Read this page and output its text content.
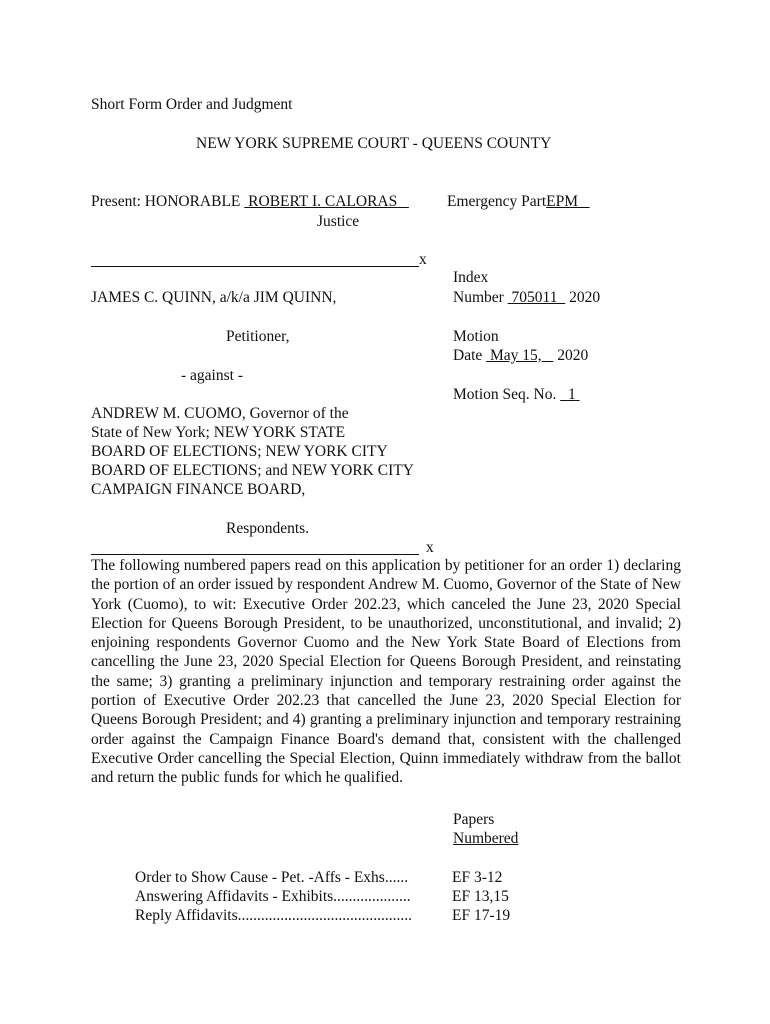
Short Form Order and Judgment
NEW YORK SUPREME COURT - QUEENS COUNTY
Present: HONORABLE ROBERT I. CALORAS
Justice
Emergency PartEPM
x
JAMES C. QUINN, a/k/a JIM QUINN,
Petitioner,
- against -
ANDREW M. CUOMO, Governor of the
State of New York; NEW YORK STATE
BOARD OF ELECTIONS; NEW YORK CITY
BOARD OF ELECTIONS; and NEW YORK CITY
CAMPAIGN FINANCE BOARD,
Respondents.
x
Index
Number 705011 2020
Motion
Date May 15, 2020
Motion Seq. No. 1
The following numbered papers read on this application by petitioner for an order 1) declaring the portion of an order issued by respondent Andrew M. Cuomo, Governor of the State of New York (Cuomo), to wit: Executive Order 202.23, which canceled the June 23, 2020 Special Election for Queens Borough President, to be unauthorized, unconstitutional, and invalid; 2) enjoining respondents Governor Cuomo and the New York State Board of Elections from cancelling the June 23, 2020 Special Election for Queens Borough President, and reinstating the same; 3) granting a preliminary injunction and temporary restraining order against the portion of Executive Order 202.23 that cancelled the June 23, 2020 Special Election for Queens Borough President; and 4) granting a preliminary injunction and temporary restraining order against the Campaign Finance Board's demand that, consistent with the challenged Executive Order cancelling the Special Election, Quinn immediately withdraw from the ballot and return the public funds for which he qualified.
Papers
Numbered
Order to Show Cause - Pet. -Affs - Exhs......	EF 3-12
Answering Affidavits - Exhibits....................	EF 13,15
Reply Affidavits.............................................	EF 17-19
